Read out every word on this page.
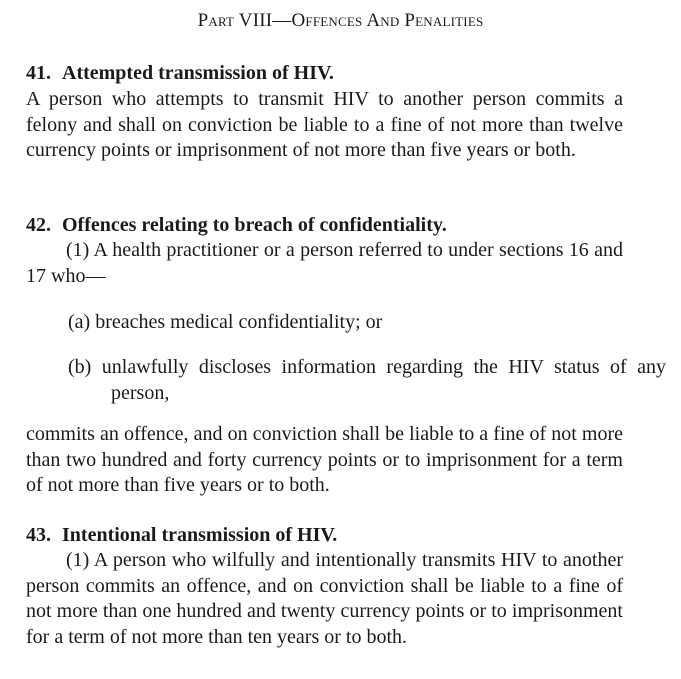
Part VIII—Offences And Penalities
41. Attempted transmission of HIV.
A person who attempts to transmit HIV to another person commits a felony and shall on conviction be liable to a fine of not more than twelve currency points or imprisonment of not more than five years or both.
42. Offences relating to breach of confidentiality.
(1) A health practitioner or a person referred to under sections 16 and 17 who—
(a) breaches medical confidentiality; or
(b) unlawfully discloses information regarding the HIV status of any person,
commits an offence, and on conviction shall be liable to a fine of not more than two hundred and forty currency points or to imprisonment for a term of not more than five years or to both.
43. Intentional transmission of HIV.
(1) A person who wilfully and intentionally transmits HIV to another person commits an offence, and on conviction shall be liable to a fine of not more than one hundred and twenty currency points or to imprisonment for a term of not more than ten years or to both.
